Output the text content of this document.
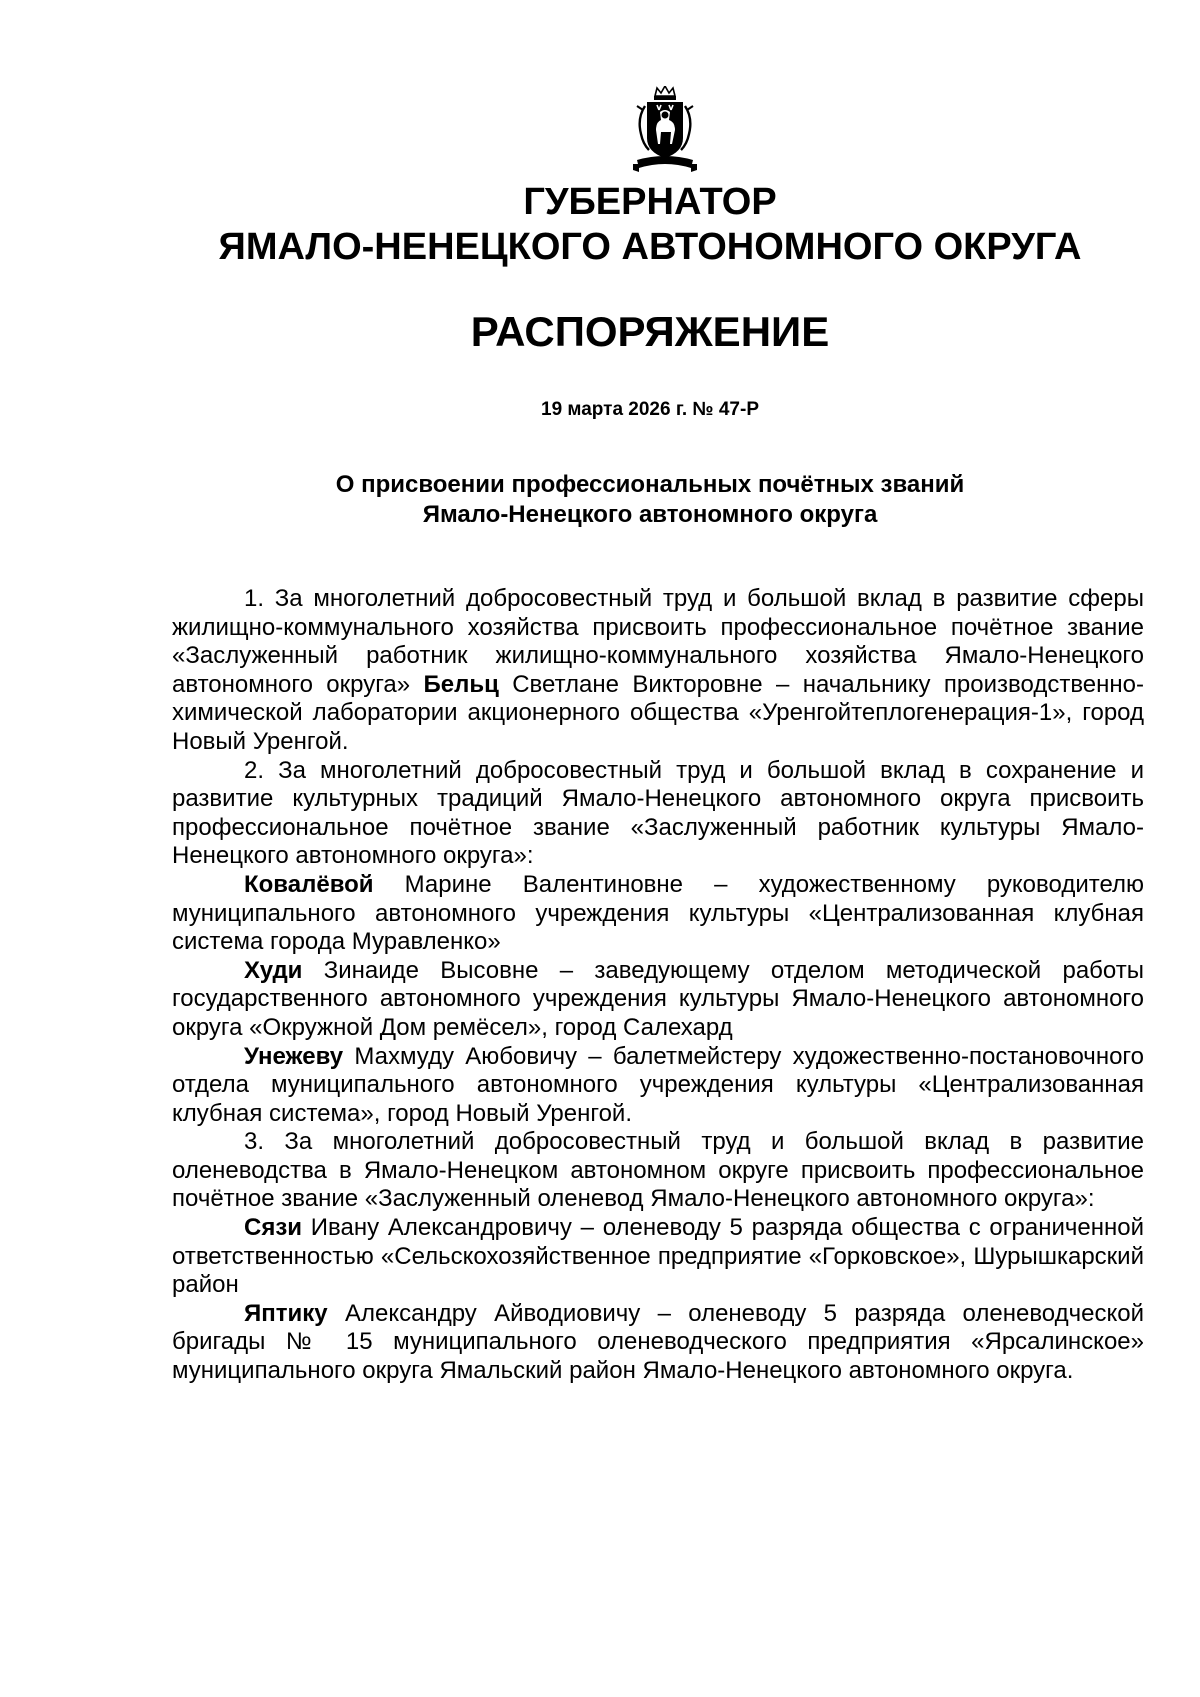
ГУБЕРНАТОР
ЯМАЛО-НЕНЕЦКОГО АВТОНОМНОГО ОКРУГА
РАСПОРЯЖЕНИЕ
19 марта 2026 г. № 47-Р
О присвоении профессиональных почётных званий
Ямало-Ненецкого автономного округа

1. За многолетний добросовестный труд и большой вклад в развитие сферы жилищно-коммунального хозяйства присвоить профессиональное почётное звание «Заслуженный работник жилищно-коммунального хозяйства Ямало-Ненецкого автономного округа» Бельц Светлане Викторовне – начальнику производственно-химической лаборатории акционерного общества «Уренгойтеплогенерация-1», город Новый Уренгой.

2. За многолетний добросовестный труд и большой вклад в сохранение и развитие культурных традиций Ямало-Ненецкого автономного округа присвоить профессиональное почётное звание «Заслуженный работник культуры Ямало-Ненецкого автономного округа»:

Ковалёвой Марине Валентиновне – художественному руководителю муниципального автономного учреждения культуры «Централизованная клубная система города Муравленко»

Худи Зинаиде Высовне – заведующему отделом методической работы государственного автономного учреждения культуры Ямало-Ненецкого автономного округа «Окружной Дом ремёсел», город Салехард

Унежеву Махмуду Аюбовичу – балетмейстеру художественно-постановочного отдела муниципального автономного учреждения культуры «Централизованная клубная система», город Новый Уренгой.

3. За многолетний добросовестный труд и большой вклад в развитие оленеводства в Ямало-Ненецком автономном округе присвоить профессиональное почётное звание «Заслуженный оленевод Ямало-Ненецкого автономного округа»:

Сязи Ивану Александровичу – оленеводу 5 разряда общества с ограниченной ответственностью «Сельскохозяйственное предприятие «Горковское», Шурышкарский район

Яптику Александру Айводиовичу – оленеводу 5 разряда оленеводческой бригады № 15 муниципального оленеводческого предприятия «Ярсалинское» муниципального округа Ямальский район Ямало-Ненецкого автономного округа.
